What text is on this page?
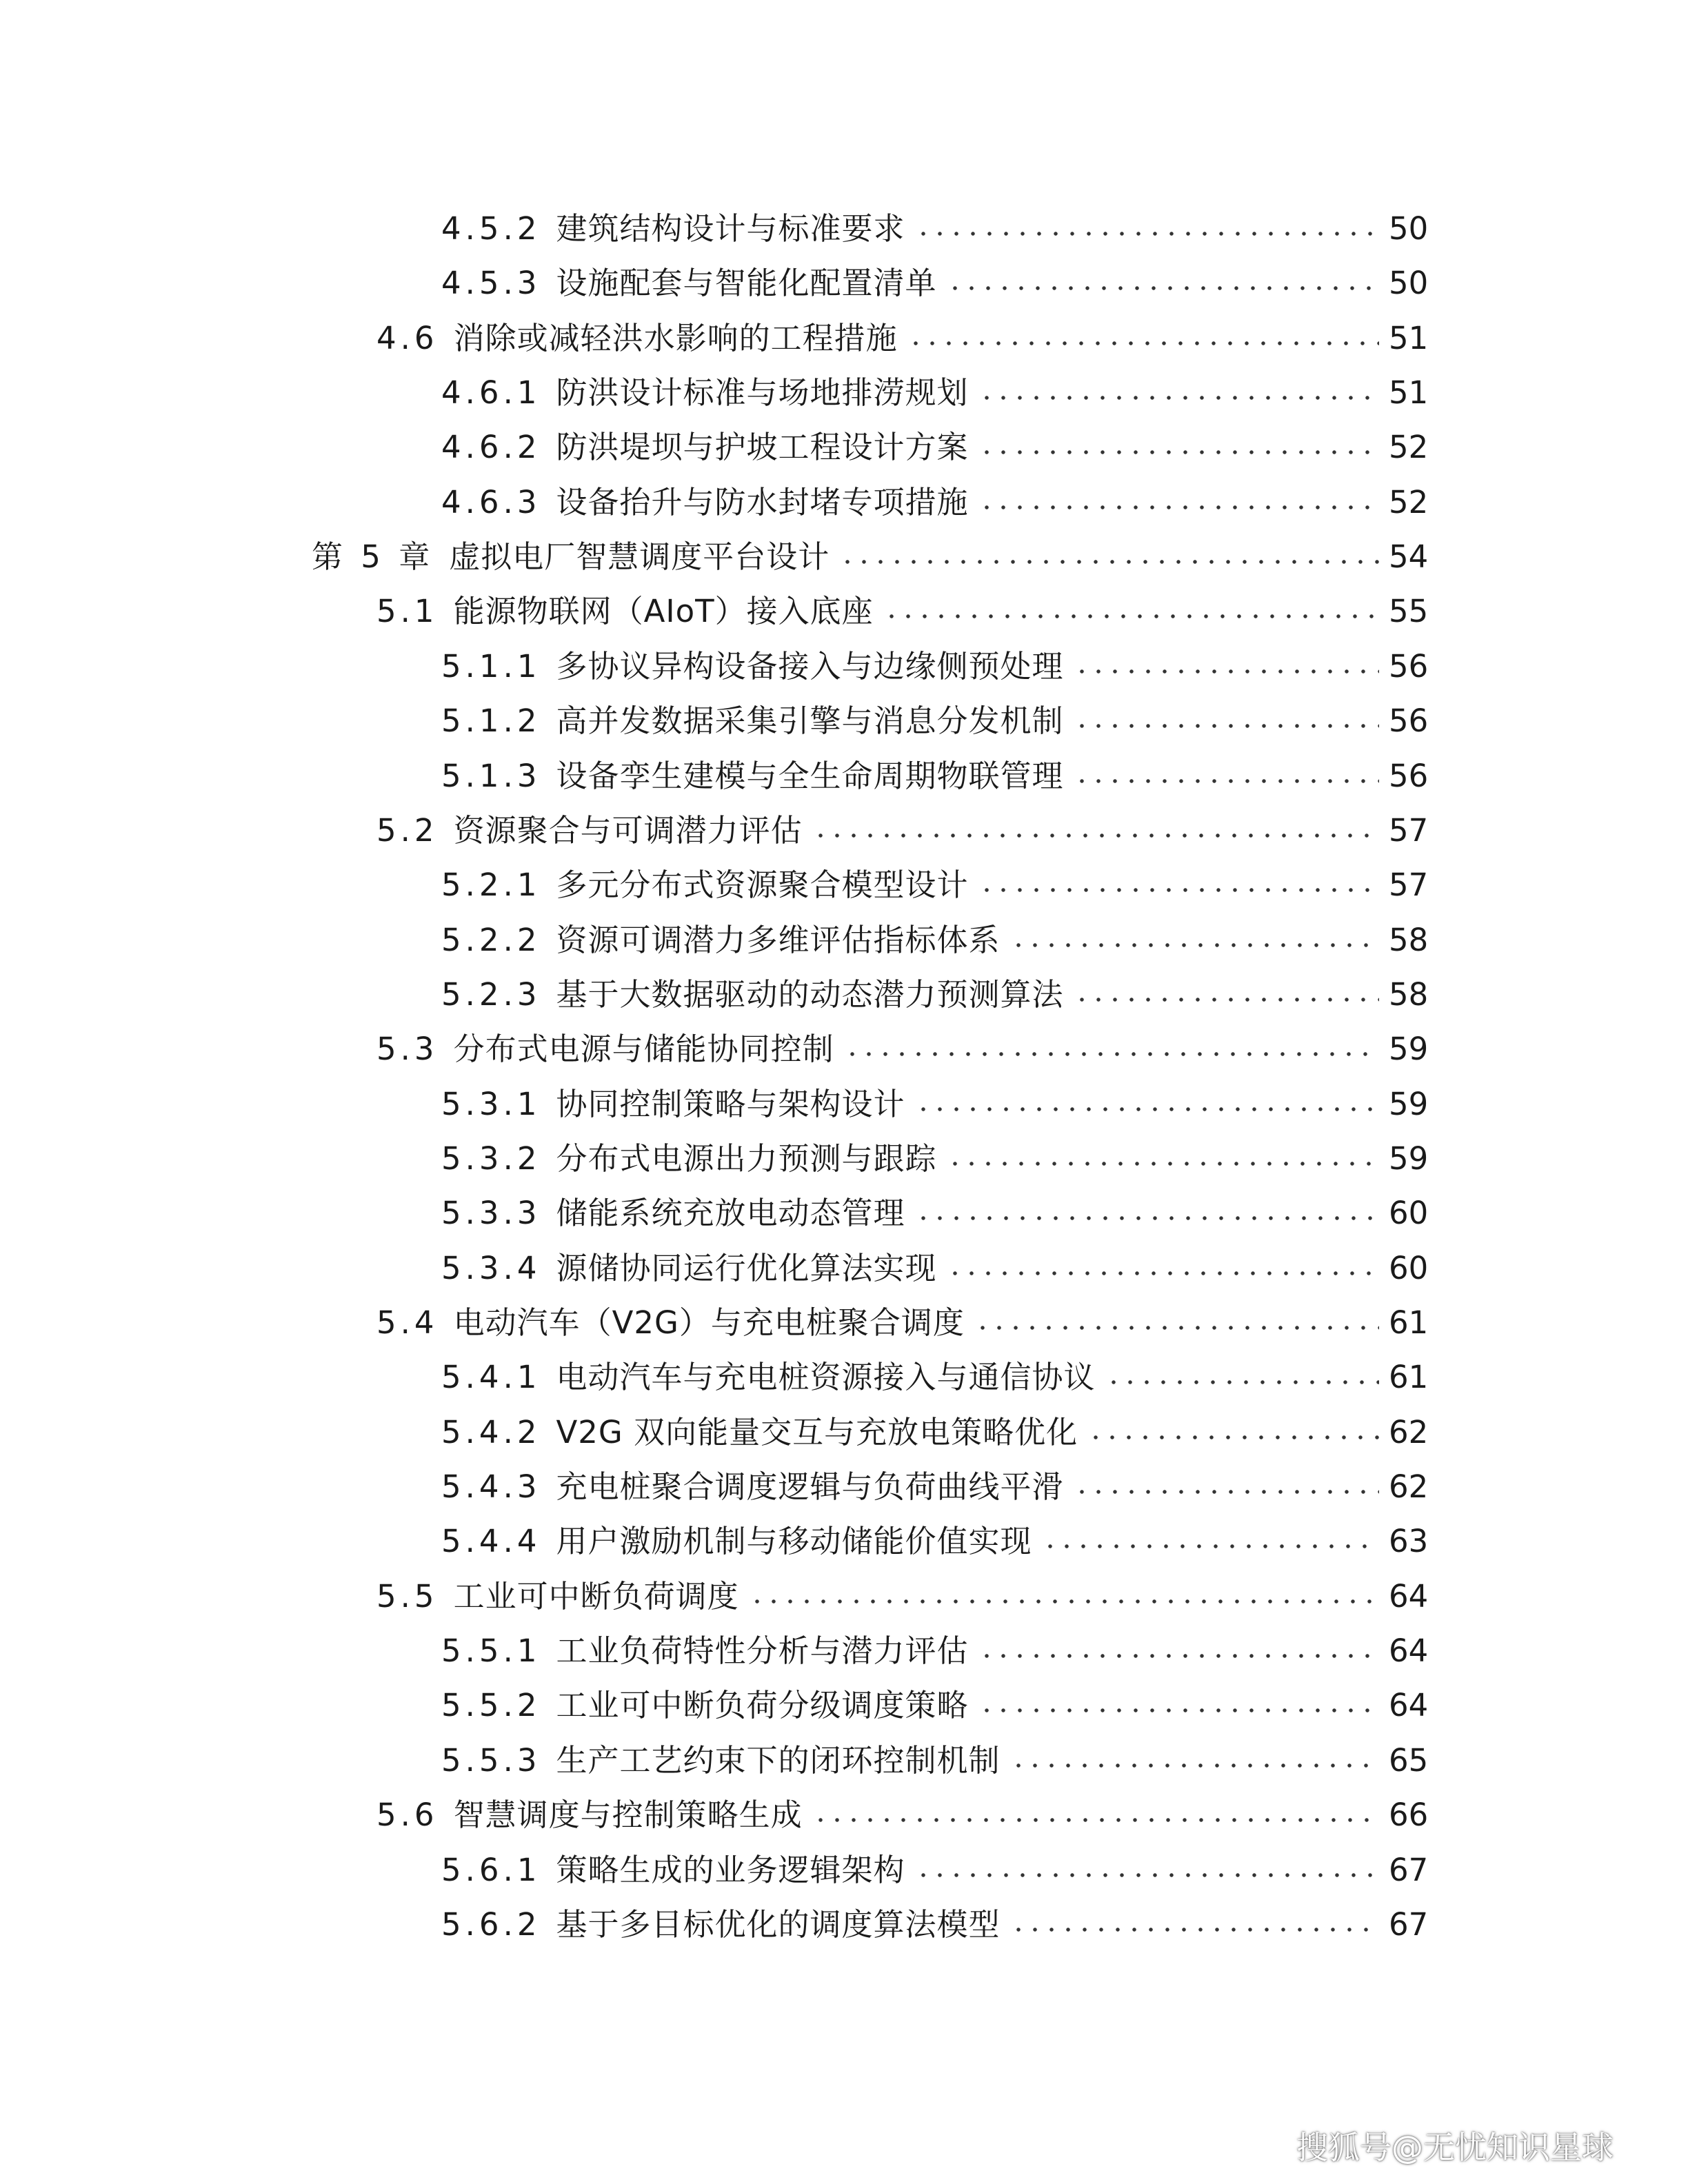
4.5.2 建筑结构设计与标准要求	50
4.5.3 设施配套与智能化配置清单	50
4.6 消除或减轻洪水影响的工程措施	51
4.6.1 防洪设计标准与场地排涝规划	51
4.6.2 防洪堤坝与护坡工程设计方案	52
4.6.3 设备抬升与防水封堵专项措施	52
第 5 章 虚拟电厂智慧调度平台设计	54
5.1 能源物联网（AIoT）接入底座	55
5.1.1 多协议异构设备接入与边缘侧预处理	56
5.1.2 高并发数据采集引擎与消息分发机制	56
5.1.3 设备孪生建模与全生命周期物联管理	56
5.2 资源聚合与可调潜力评估	57
5.2.1 多元分布式资源聚合模型设计	57
5.2.2 资源可调潜力多维评估指标体系	58
5.2.3 基于大数据驱动的动态潜力预测算法	58
5.3 分布式电源与储能协同控制	59
5.3.1 协同控制策略与架构设计	59
5.3.2 分布式电源出力预测与跟踪	59
5.3.3 储能系统充放电动态管理	60
5.3.4 源储协同运行优化算法实现	60
5.4 电动汽车（V2G）与充电桩聚合调度	61
5.4.1 电动汽车与充电桩资源接入与通信协议	61
5.4.2 V2G 双向能量交互与充放电策略优化	62
5.4.3 充电桩聚合调度逻辑与负荷曲线平滑	62
5.4.4 用户激励机制与移动储能价值实现	63
5.5 工业可中断负荷调度	64
5.5.1 工业负荷特性分析与潜力评估	64
5.5.2 工业可中断负荷分级调度策略	64
5.5.3 生产工艺约束下的闭环控制机制	65
5.6 智慧调度与控制策略生成	66
5.6.1 策略生成的业务逻辑架构	67
5.6.2 基于多目标优化的调度算法模型	67
搜狐号@无忧知识星球
